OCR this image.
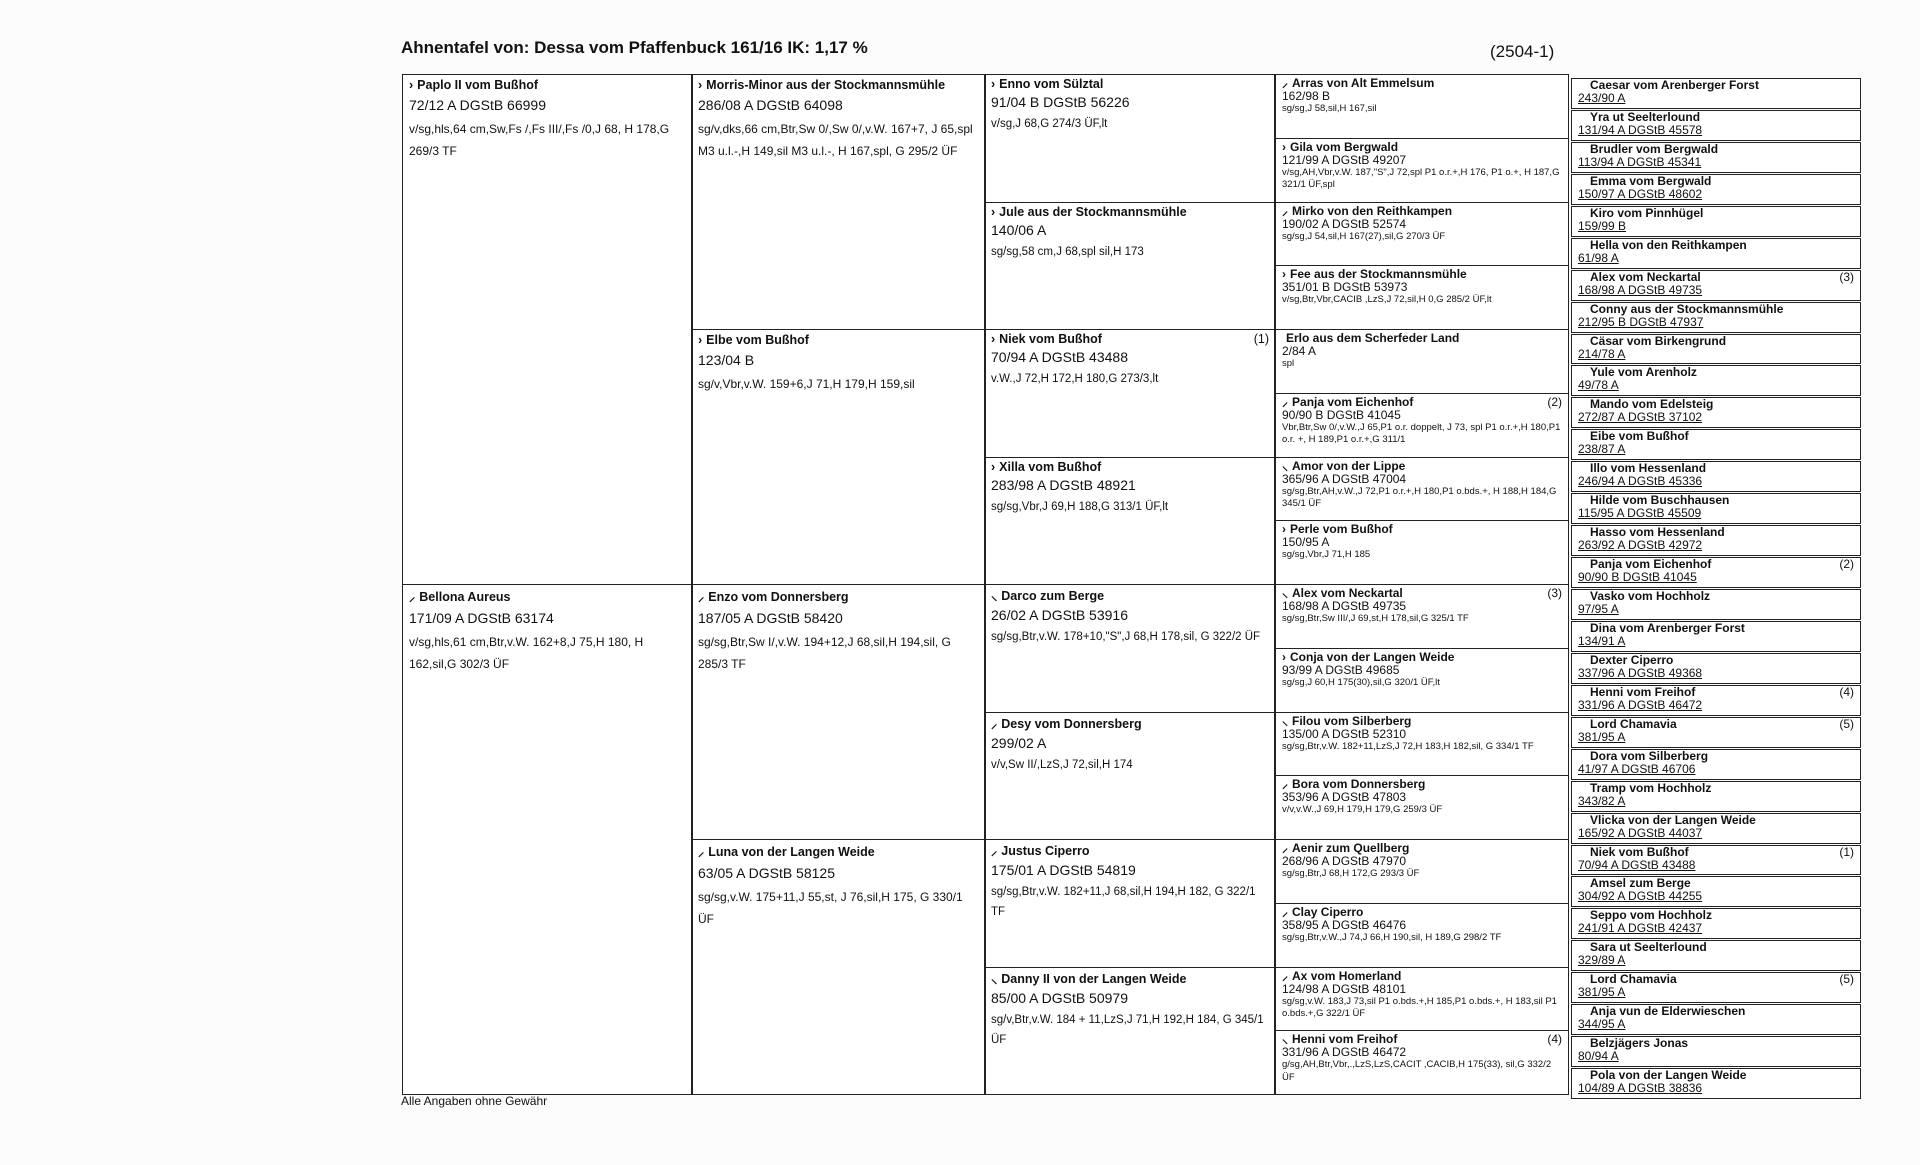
Ahnentafel von: Dessa vom Pfaffenbuck 161/16 IK: 1,17 %	(2504-1)
› Paplo II vom Bußhof
72/12 A DGStB 66999
v/sg,hls,64 cm,Sw,Fs /,Fs III/,Fs /0,J 68, H 178,G 269/3 TF
⸝ Bellona Aureus
171/09 A DGStB 63174
v/sg,hls,61 cm,Btr,v.W. 162+8,J 75,H 180, H 162,sil,G 302/3 ÜF
› Morris-Minor aus der Stockmannsmühle
286/08 A DGStB 64098
sg/v,dks,66 cm,Btr,Sw 0/,Sw 0/,v.W. 167+7, J 65,spl M3 u.l.-,H 149,sil M3 u.l.-, H 167,spl, G 295/2 ÜF
› Elbe vom Bußhof
123/04 B
sg/v,Vbr,v.W. 159+6,J 71,H 179,H 159,sil
⸝ Enzo vom Donnersberg
187/05 A DGStB 58420
sg/sg,Btr,Sw I/,v.W. 194+12,J 68,sil,H 194,sil, G 285/3 TF
⸝ Luna von der Langen Weide
63/05 A DGStB 58125
sg/sg,v.W. 175+11,J 55,st, J 76,sil,H 175, G 330/1 ÜF
› Enno vom Sülztal
91/04 B DGStB 56226
v/sg,J 68,G 274/3 ÜF,lt
› Jule aus der Stockmannsmühle
140/06 A
sg/sg,58 cm,J 68,spl sil,H 173
› Niek vom Bußhof	(1)
70/94 A DGStB 43488
v.W.,J 72,H 172,H 180,G 273/3,lt
› Xilla vom Bußhof
283/98 A DGStB 48921
sg/sg,Vbr,J 69,H 188,G 313/1 ÜF,lt
⸜ Darco zum Berge
26/02 A DGStB 53916
sg/sg,Btr,v.W. 178+10,"S",J 68,H 178,sil, G 322/2 ÜF
⸝ Desy vom Donnersberg
299/02 A
v/v,Sw II/,LzS,J 72,sil,H 174
⸝ Justus Ciperro
175/01 A DGStB 54819
sg/sg,Btr,v.W. 182+11,J 68,sil,H 194,H 182, G 322/1 TF
⸜ Danny II von der Langen Weide
85/00 A DGStB 50979
sg/v,Btr,v.W. 184 + 11,LzS,J 71,H 192,H 184, G 345/1 ÜF
⸝ Arras von Alt Emmelsum
162/98 B
sg/sg,J 58,sil,H 167,sil
› Gila vom Bergwald
121/99 A DGStB 49207
v/sg,AH,Vbr,v.W. 187,"S",J 72,spl P1 o.r.+,H 176, P1 o.+, H 187,G 321/1 ÜF,spl
⸝ Mirko von den Reithkampen
190/02 A DGStB 52574
sg/sg,J 54,sil,H 167(27),sil,G 270/3 ÜF
› Fee aus der Stockmannsmühle
351/01 B DGStB 53973
v/sg,Btr,Vbr,CACIB ,LzS,J 72,sil,H 0,G 285/2 ÜF,lt
Erlo aus dem Scherfeder Land
2/84 A
spl
⸝ Panja vom Eichenhof	(2)
90/90 B DGStB 41045
Vbr,Btr,Sw 0/,v.W.,J 65,P1 o.r. doppelt, J 73, spl P1 o.r.+,H 180,P1 o.r. +, H 189,P1 o.r.+,G 311/1
⸜ Amor von der Lippe
365/96 A DGStB 47004
sg/sg,Btr,AH,v.W.,J 72,P1 o.r.+,H 180,P1 o.bds.+, H 188,H 184,G 345/1 ÜF
› Perle vom Bußhof
150/95 A
sg/sg,Vbr,J 71,H 185
⸜ Alex vom Neckartal	(3)
168/98 A DGStB 49735
sg/sg,Btr,Sw III/,J 69,st,H 178,sil,G 325/1 TF
› Conja von der Langen Weide
93/99 A DGStB 49685
sg/sg,J 60,H 175(30),sil,G 320/1 ÜF,lt
⸜ Filou vom Silberberg
135/00 A DGStB 52310
sg/sg,Btr,v.W. 182+11,LzS,J 72,H 183,H 182,sil, G 334/1 TF
⸝ Bora vom Donnersberg
353/96 A DGStB 47803
v/v,v.W.,J 69,H 179,H 179,G 259/3 ÜF
⸝ Aenir zum Quellberg
268/96 A DGStB 47970
sg/sg,Btr,J 68,H 172,G 293/3 ÜF
⸝ Clay Ciperro
358/95 A DGStB 46476
sg/sg,Btr,v.W.,J 74,J 66,H 190,sil, H 189,G 298/2 TF
⸝ Ax vom Homerland
124/98 A DGStB 48101
sg/sg,v.W. 183,J 73,sil P1 o.bds.+,H 185,P1 o.bds.+, H 183,sil P1 o.bds.+,G 322/1 ÜF
⸜ Henni vom Freihof	(4)
331/96 A DGStB 46472
g/sg,AH,Btr,Vbr,.,LzS,LzS,CACIT ,CACIB,H 175(33), sil,G 332/2 ÜF
Caesar vom Arenberger Forst
243/90 A
Yra ut Seelterlound
131/94 A DGStB 45578
Brudler vom Bergwald
113/94 A DGStB 45341
Emma vom Bergwald
150/97 A DGStB 48602
Kiro vom Pinnhügel
159/99 B
Hella von den Reithkampen
61/98 A
Alex vom Neckartal	(3)
168/98 A DGStB 49735
Conny aus der Stockmannsmühle
212/95 B DGStB 47937
Cäsar vom Birkengrund
214/78 A
Yule vom Arenholz
49/78 A
Mando vom Edelsteig
272/87 A DGStB 37102
Eibe vom Bußhof
238/87 A
Illo vom Hessenland
246/94 A DGStB 45336
Hilde vom Buschhausen
115/95 A DGStB 45509
Hasso vom Hessenland
263/92 A DGStB 42972
Panja vom Eichenhof	(2)
90/90 B DGStB 41045
Vasko vom Hochholz
97/95 A
Dina vom Arenberger Forst
134/91 A
Dexter Ciperro
337/96 A DGStB 49368
Henni vom Freihof	(4)
331/96 A DGStB 46472
Lord Chamavia	(5)
381/95 A
Dora vom Silberberg
41/97 A DGStB 46706
Tramp vom Hochholz
343/82 A
Vlicka von der Langen Weide
165/92 A DGStB 44037
Niek vom Bußhof	(1)
70/94 A DGStB 43488
Amsel zum Berge
304/92 A DGStB 44255
Seppo vom Hochholz
241/91 A DGStB 42437
Sara ut Seelterlound
329/89 A
Lord Chamavia	(5)
381/95 A
Anja vun de Elderwieschen
344/95 A
Belzjägers Jonas
80/94 A
Pola von der Langen Weide
104/89 A DGStB 38836
Alle Angaben ohne Gewähr
